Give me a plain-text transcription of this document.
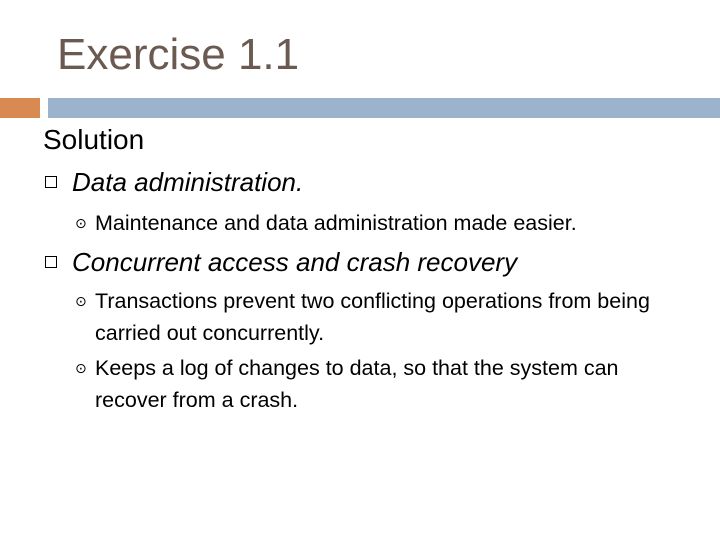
Exercise 1.1
Solution
Data administration.
⊙ Maintenance and data administration made easier.
Concurrent access and crash recovery
⊙ Transactions prevent two conflicting operations from being carried out concurrently.
⊙ Keeps a log of changes to data, so that the system can recover from a crash.
